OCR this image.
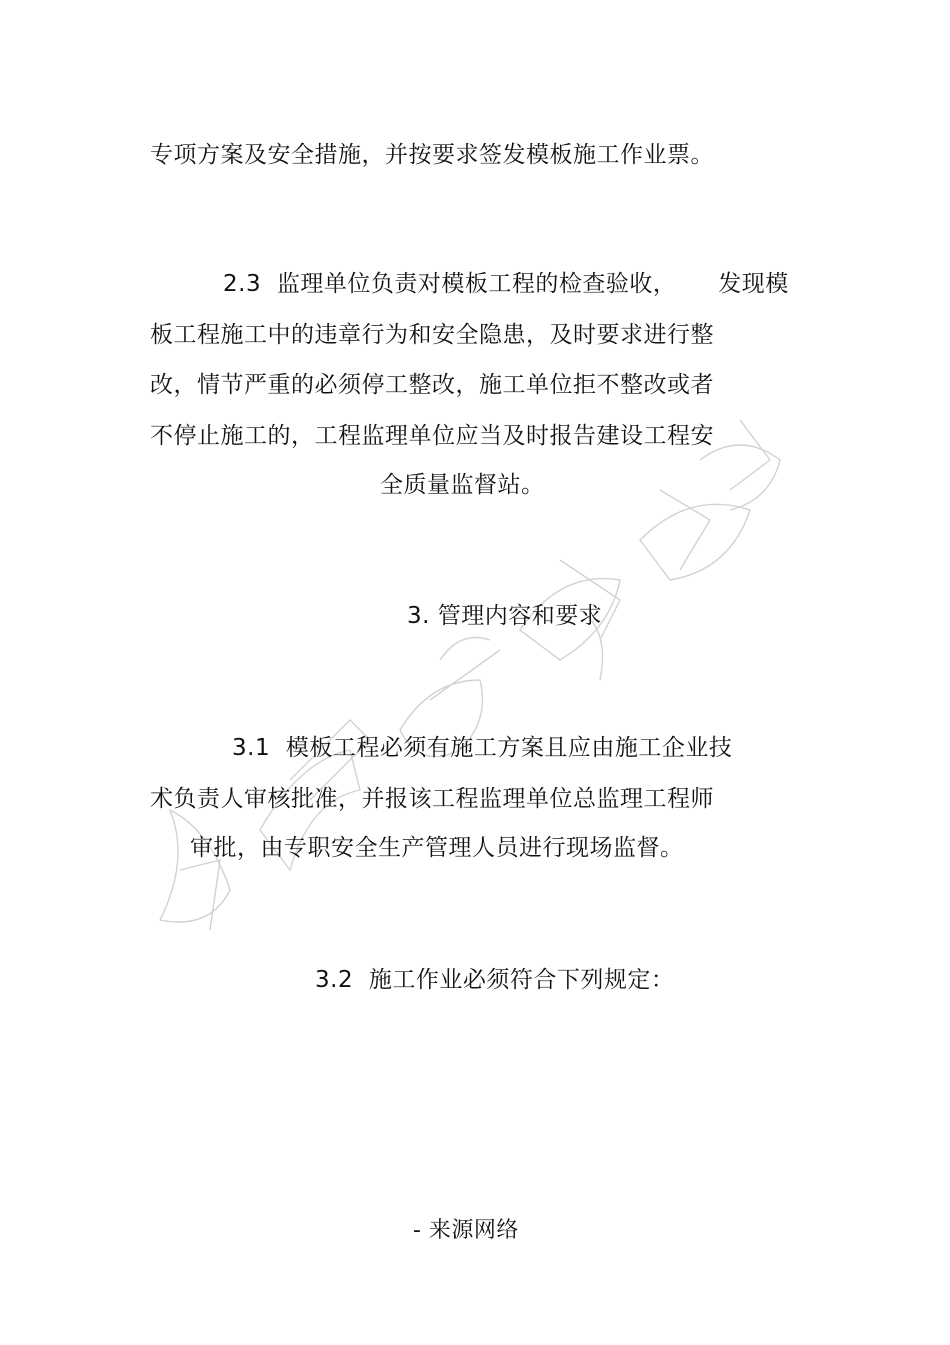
专项方案及安全措施，并按要求签发模板施工作业票。
2.3 监理单位负责对模板工程的检查验收， 发现模
板工程施工中的违章行为和安全隐患，及时要求进行整
改，情节严重的必须停工整改，施工单位拒不整改或者
不停止施工的，工程监理单位应当及时报告建设工程安
全质量监督站。
3. 管理内容和要求
3.1 模板工程必须有施工方案且应由施工企业技
术负责人审核批准，并报该工程监理单位总监理工程师
审批，由专职安全生产管理人员进行现场监督。
3.2 施工作业必须符合下列规定：
- 来源网络
